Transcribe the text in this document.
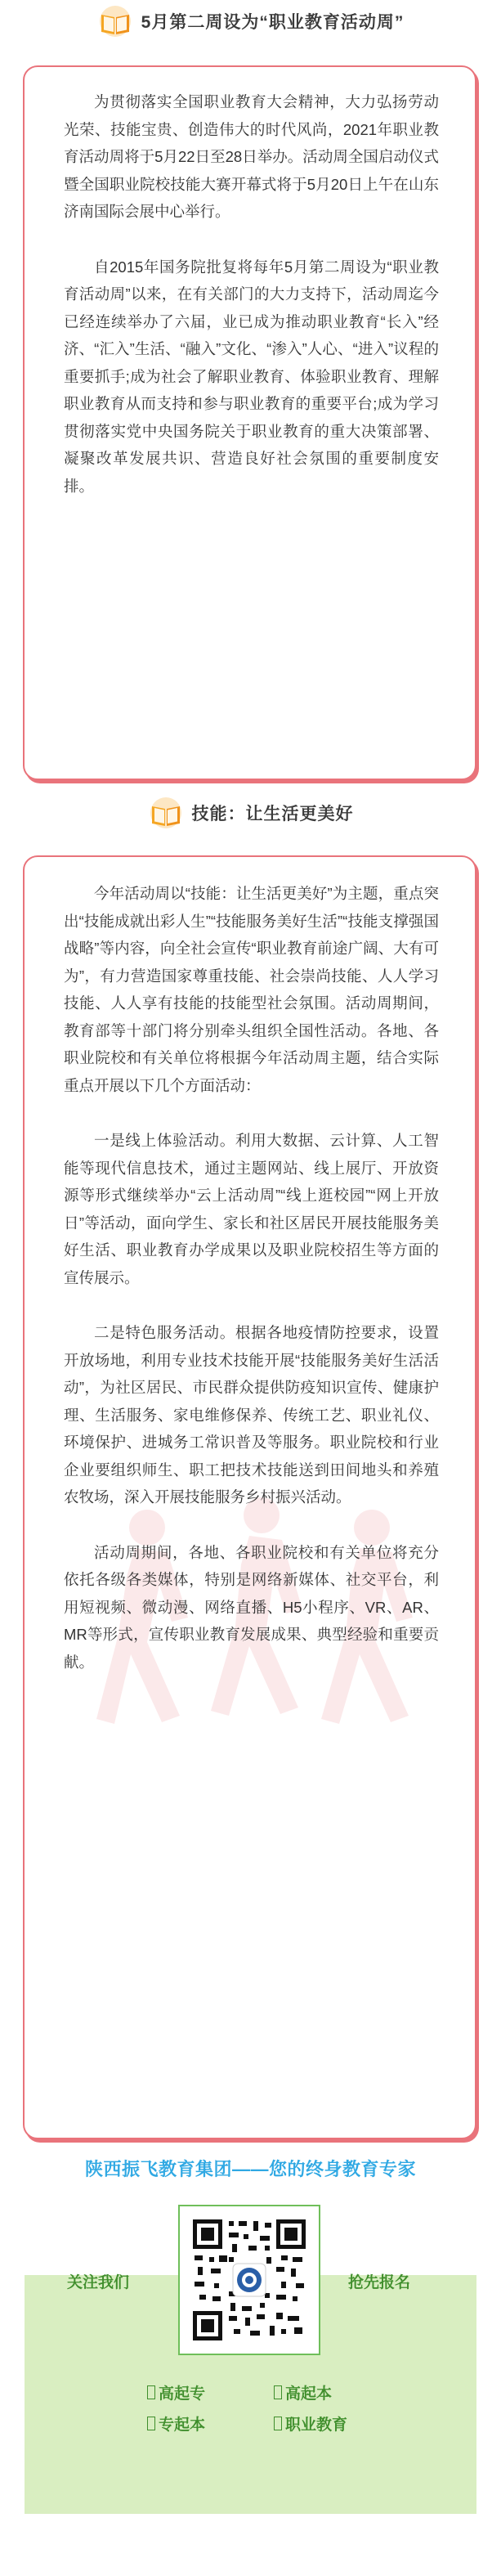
5月第二周设为“职业教育活动周”

为贯彻落实全国职业教育大会精神，大力弘扬劳动光荣、技能宝贵、创造伟大的时代风尚，2021年职业教育活动周将于5月22日至28日举办。活动周全国启动仪式暨全国职业院校技能大赛开幕式将于5月20日上午在山东济南国际会展中心举行。

自2015年国务院批复将每年5月第二周设为“职业教育活动周”以来，在有关部门的大力支持下，活动周迄今已经连续举办了六届，业已成为推动职业教育“长入”经济、“汇入”生活、“融入”文化、“渗入”人心、“进入”议程的重要抓手;成为社会了解职业教育、体验职业教育、理解职业教育从而支持和参与职业教育的重要平台;成为学习贯彻落实党中央国务院关于职业教育的重大决策部署、凝聚改革发展共识、营造良好社会氛围的重要制度安排。

技能：让生活更美好

今年活动周以“技能：让生活更美好”为主题，重点突出“技能成就出彩人生”“技能服务美好生活”“技能支撑强国战略”等内容，向全社会宣传“职业教育前途广阔、大有可为”，有力营造国家尊重技能、社会崇尚技能、人人学习技能、人人享有技能的技能型社会氛围。活动周期间，教育部等十部门将分别牵头组织全国性活动。各地、各职业院校和有关单位将根据今年活动周主题，结合实际重点开展以下几个方面活动：

一是线上体验活动。利用大数据、云计算、人工智能等现代信息技术，通过主题网站、线上展厅、开放资源等形式继续举办“云上活动周”“线上逛校园”“网上开放日”等活动，面向学生、家长和社区居民开展技能服务美好生活、职业教育办学成果以及职业院校招生等方面的宣传展示。

二是特色服务活动。根据各地疫情防控要求，设置开放场地，利用专业技术技能开展“技能服务美好生活活动”，为社区居民、市民群众提供防疫知识宣传、健康护理、生活服务、家电维修保养、传统工艺、职业礼仪、环境保护、进城务工常识普及等服务。职业院校和行业企业要组织师生、职工把技术技能送到田间地头和养殖农牧场，深入开展技能服务乡村振兴活动。

活动周期间，各地、各职业院校和有关单位将充分依托各级各类媒体，特别是网络新媒体、社交平台，利用短视频、微动漫、网络直播、H5小程序、VR、AR、MR等形式，宣传职业教育发展成果、典型经验和重要贡献。

陕西振飞教育集团——您的终身教育专家
关注我们	抢先报名
高起专	高起本
专起本	职业教育
